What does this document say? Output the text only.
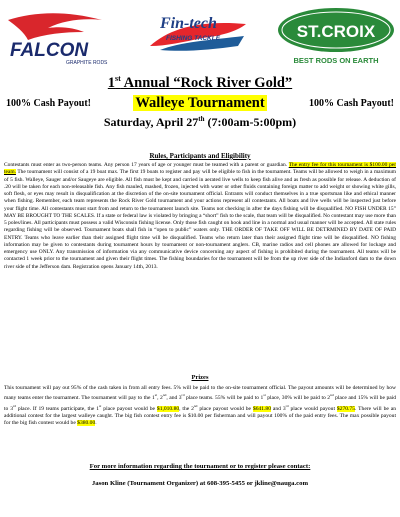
FALCON
GRAPHITE RODS
Fin-tech
FISHING TACKLE	ST.CROIX
BEST RODS ON EARTH
1st Annual “Rock River Gold”
100% Cash Payout!	Walleye Tournament	100% Cash Payout!
Saturday, April 27th (7:00am-5:00pm)
Rules, Participants and Eligibility
Contestants must enter as two-person teams. Any person 17 years of age or younger must be teamed with a parent or guardian. The entry fee for this tournament is $100.00 per team. The tournament will consist of a 19 boat max. The first 19 boats to register and pay will be eligible to fish in the tournament. Teams will be allowed to weigh in a maximum of 5 fish. Walleye, Sauger and/or Saugeye are eligible. All fish must be kept and carried in aerated live wells to keep fish alive and as fresh as possible for release. A deduction of .20 will be taken for each non-releasable fish. Any fish mauled, mashed, frozen, injected with water or other fluids containing foreign matter to add weight or showing white gills, soft flesh, or eyes may result in disqualification at the discretion of the on-site tournament official. Entrants will conduct themselves in a true sportsman like and ethical manner when fishing. Remember, each team represents the Rock River Gold tournament and your actions represent all contestants. All boats and live wells will be inspected just before your flight time. All contestants must start from and return to the tournament launch site. Teams not checking in after the days fishing will be disqualified. NO FISH UNDER 15” MAY BE BROUGHT TO THE SCALES. If a state or federal law is violated by bringing a “short” fish to the scale, that team will be disqualified. No contestant may use more than 5 poles/lines. All participants must possess a valid Wisconsin fishing license. Only those fish caught on hook and line in a normal and usual manner will be accepted. All state rules regarding fishing will be observed. Tournament boats shall fish in “open to public” waters only. THE ORDER OF TAKE OFF WILL BE DETRMINED BY DATE OF PAID ENTRY. Teams who leave earlier than their assigned flight time will be disqualified. Teams who return later than their assigned flight time will be disqualified. NO fishing information may be given to contestants during tournament hours by tournament or non-tournament anglers. CB, marine radios and cell phones are allowed for lockage and emergency use ONLY. Any transmission of information via any communicative device concerning any aspect of fishing is prohibited during the tournament. All teams will be contacted 1 week prior to the tournament and given their flight times. The fishing boundaries for the tournament will be from the up river side of the Indianford dam to the down river side of the Jefferson dam. Registration opens January 14th, 2013.
Prizes
This tournament will pay out 95% of the cash taken in from all entry fees. 5% will be paid to the on-site tournament official. The payout amounts will be determined by how many teams enter the tournament. The tournament will pay to the 1st, 2nd, and 3rd place teams. 55% will be paid to 1st place, 30% will be paid to 2nd place and 15% will be paid to 3rd place. If 19 teams participate, the 1st place payout would be $1,010.80, the 2nd place payout would be $641.80 and 3rd place would payout $270.75. There will be an additional contest for the largest walleye caught. The big fish contest entry fee is $10.00 per fisherman and will payout 100% of the paid entry fees. The max possible payout for the big fish contest would be $380.00.
For more information regarding the tournament or to register please contact:
Jason Kline (Tournament Organizer) at 608-395-5455 or jkline@nauga.com
